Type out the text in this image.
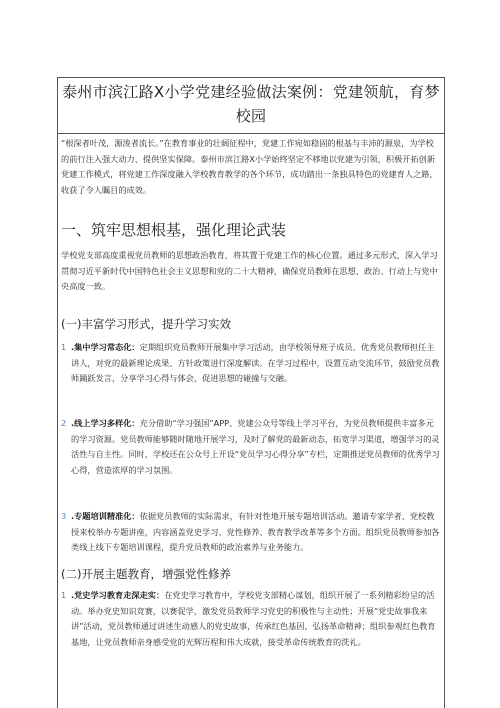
泰州市滨江路X小学党建经验做法案例：党建领航，育梦校园

“根深者叶茂，源浚者流长。”在教育事业的壮阔征程中，党建工作宛如稳固的根基与丰沛的源泉，为学校的前行注入强大动力、提供坚实保障。泰州市滨江路X小学始终坚定不移地以党建为引领，积极开拓创新党建工作模式，将党建工作深度融入学校教育教学的各个环节，成功踏出一条独具特色的党建育人之路，收获了令人瞩目的成效。

一、筑牢思想根基，强化理论武装

学校党支部高度重视党员教师的思想政治教育，将其置于党建工作的核心位置。通过多元形式，深入学习贯彻习近平新时代中国特色社会主义思想和党的二十大精神，确保党员教师在思想、政治、行动上与党中央高度一致。

(一)丰富学习形式，提升学习实效
1 .集中学习常态化：定期组织党员教师开展集中学习活动，由学校领导班子成员、优秀党员教师担任主讲人，对党的最新理论成果、方针政策进行深度解读。在学习过程中，设置互动交流环节，鼓励党员教师踊跃发言，分享学习心得与体会，促进思想的碰撞与交融。

2 .线上学习多样化：充分借助“学习强国”APP、党建公众号等线上学习平台，为党员教师提供丰富多元的学习资源。党员教师能够随时随地开展学习，及时了解党的最新动态，拓宽学习渠道，增强学习的灵活性与自主性。同时，学校还在公众号上开设“党员学习心得分享”专栏，定期推送党员教师的优秀学习心得，营造浓厚的学习氛围。

3 .专题培训精准化：依据党员教师的实际需求，有针对性地开展专题培训活动。邀请专家学者、党校教授来校举办专题讲座，内容涵盖党史学习、党性修养、教育教学改革等多个方面。组织党员教师参加各类线上线下专题培训课程，提升党员教师的政治素养与业务能力。

(二)开展主题教育，增强党性修养
1 .党史学习教育走深走实：在党史学习教育中，学校党支部精心谋划，组织开展了一系列精彩纷呈的活动。举办党史知识竞赛，以赛促学，激发党员教师学习党史的积极性与主动性；开展“党史故事我来讲”活动，党员教师通过讲述生动感人的党史故事，传承红色基因，弘扬革命精神；组织参观红色教育基地，让党员教师亲身感受党的光辉历程和伟大成就，接受革命传统教育的洗礼。
